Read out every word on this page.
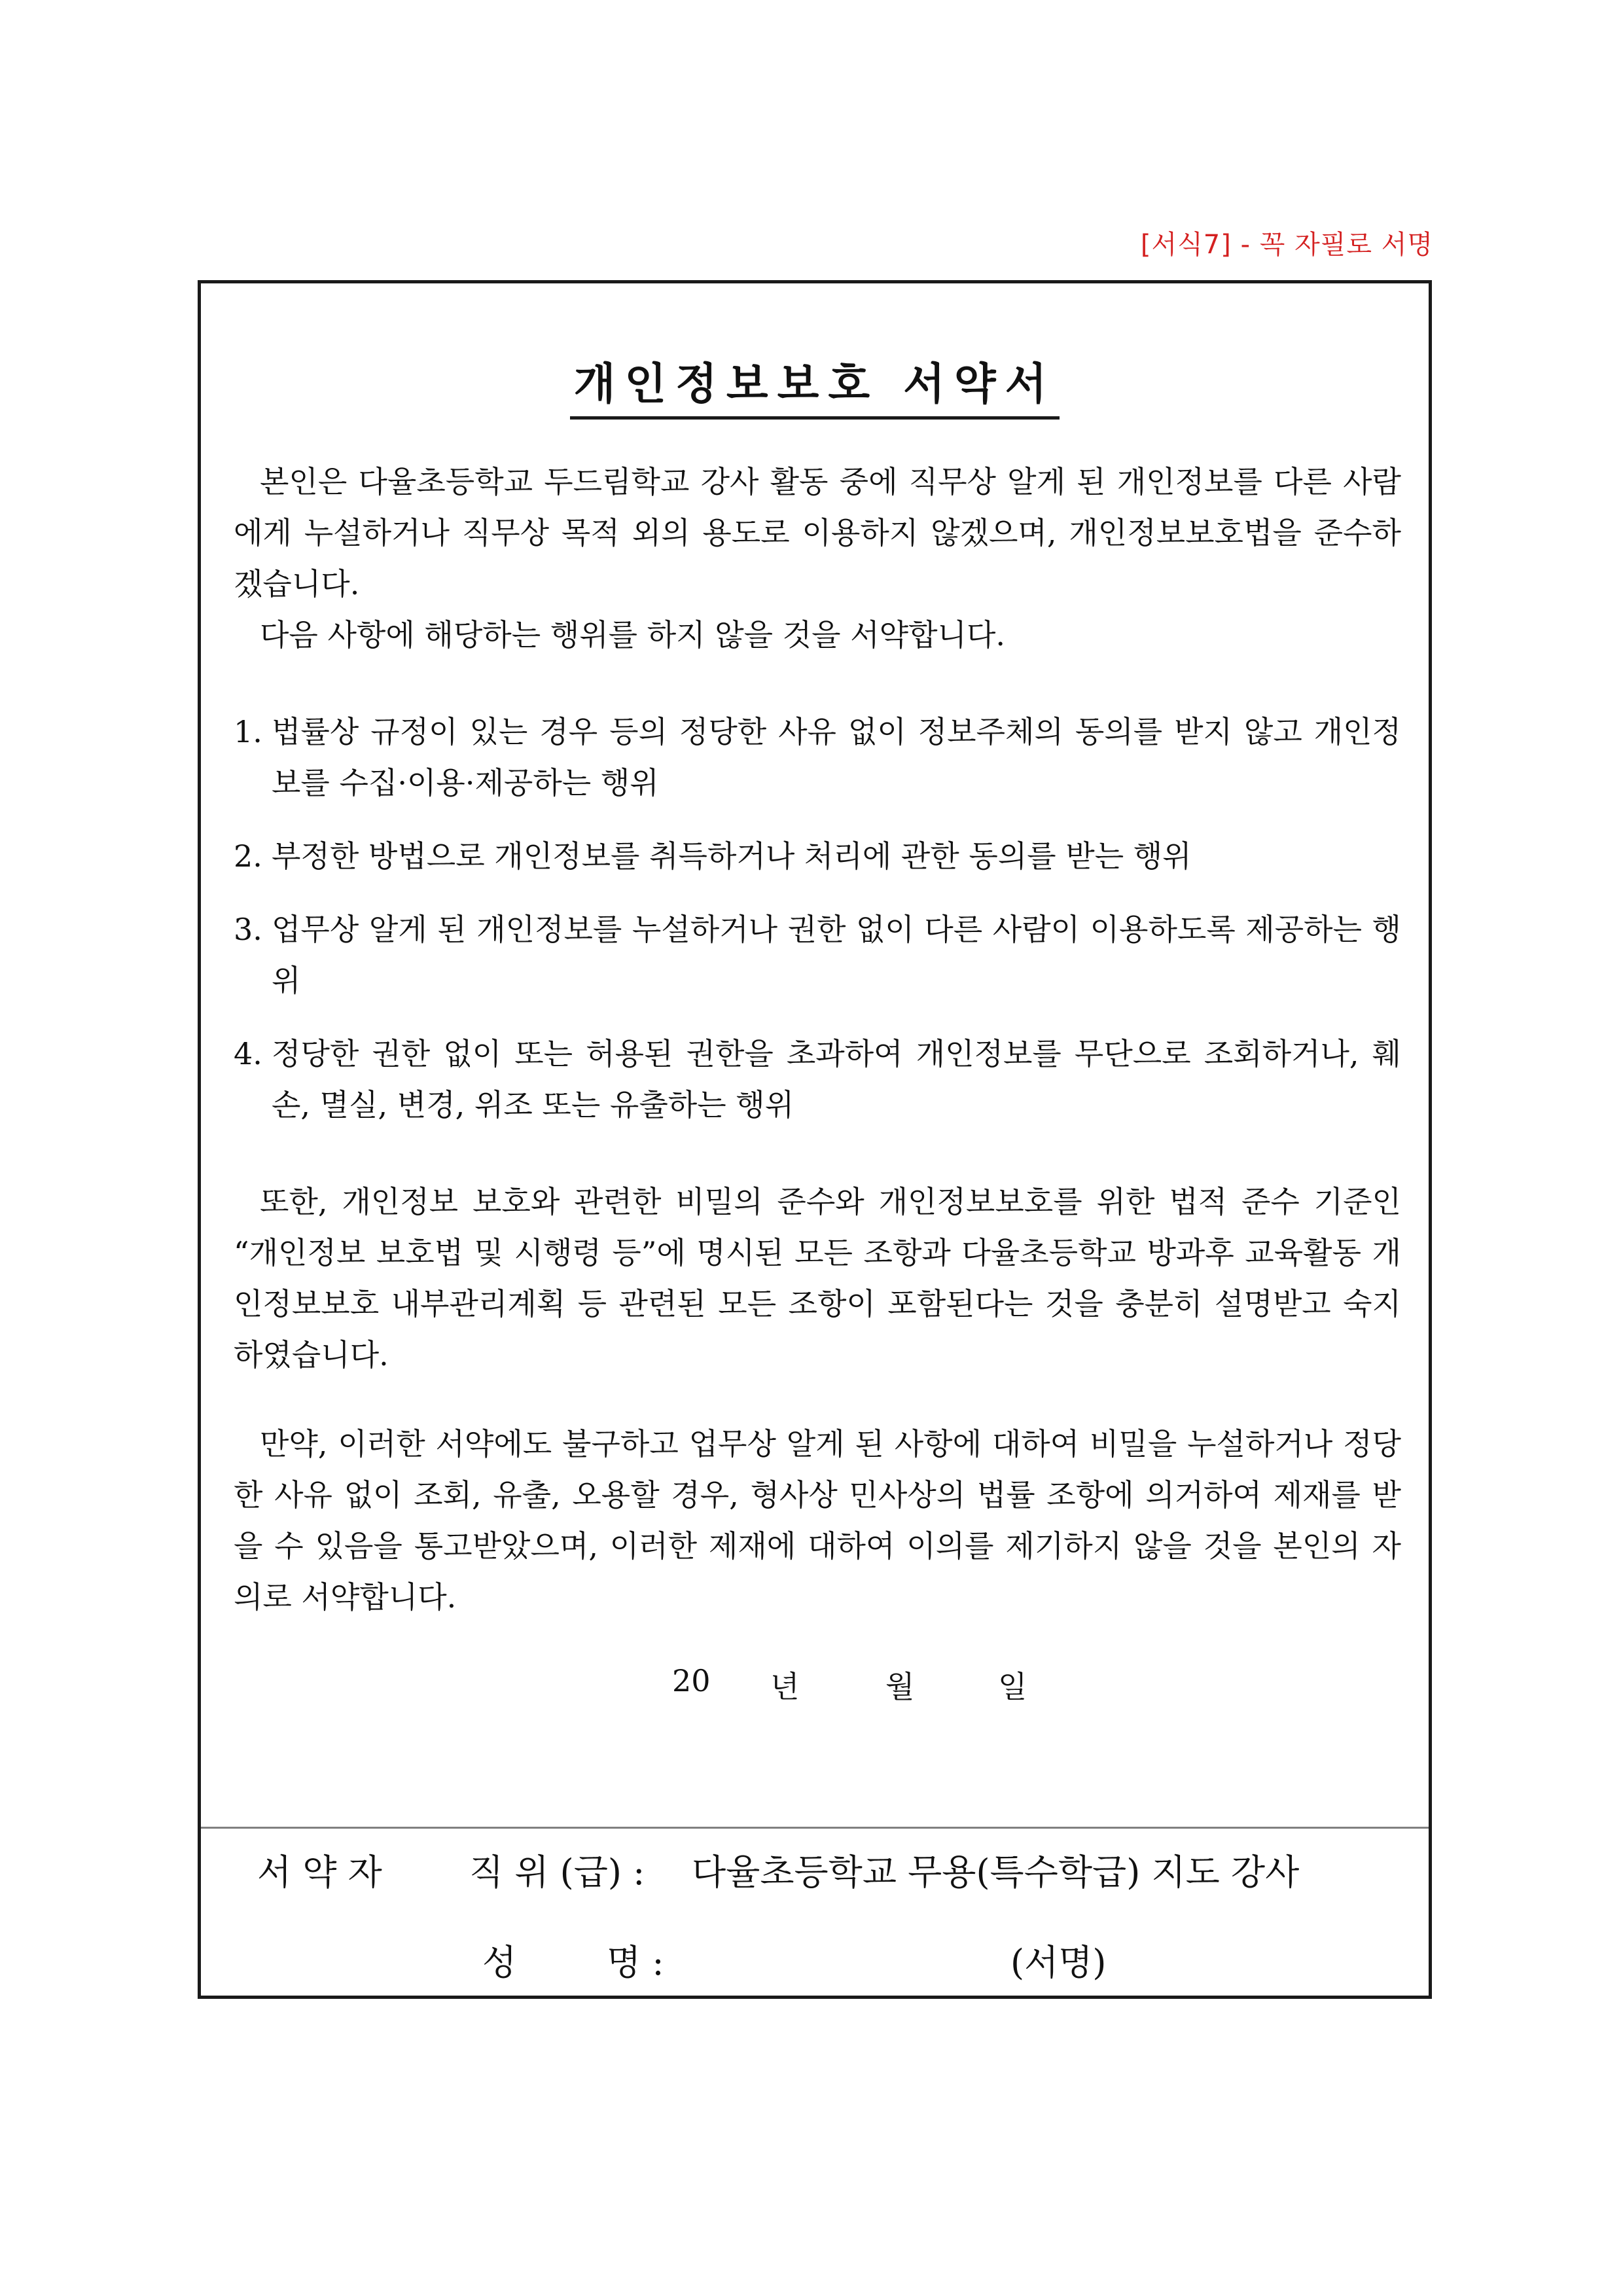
[서식7] - 꼭 자필로 서명
개인정보보호 서약서

본인은 다율초등학교 두드림학교 강사 활동 중에 직무상 알게 된 개인정보를 다른 사람에게 누설하거나 직무상 목적 외의 용도로 이용하지 않겠으며, 개인정보보호법을 준수하겠습니다.

다음 사항에 해당하는 행위를 하지 않을 것을 서약합니다.

1. 법률상 규정이 있는 경우 등의 정당한 사유 없이 정보주체의 동의를 받지 않고 개인정보를 수집·이용·제공하는 행위
2. 부정한 방법으로 개인정보를 취득하거나 처리에 관한 동의를 받는 행위
3. 업무상 알게 된 개인정보를 누설하거나 권한 없이 다른 사람이 이용하도록 제공하는 행위
4. 정당한 권한 없이 또는 허용된 권한을 초과하여 개인정보를 무단으로 조회하거나, 훼손, 멸실, 변경, 위조 또는 유출하는 행위

또한, 개인정보 보호와 관련한 비밀의 준수와 개인정보보호를 위한 법적 준수 기준인 “개인정보 보호법 및 시행령 등”에 명시된 모든 조항과 다율초등학교 방과후 교육활동 개인정보보호 내부관리계획 등 관련된 모든 조항이 포함된다는 것을 충분히 설명받고 숙지하였습니다.

만약, 이러한 서약에도 불구하고 업무상 알게 된 사항에 대하여 비밀을 누설하거나 정당한 사유 없이 조회, 유출, 오용할 경우, 형사상 민사상의 법률 조항에 의거하여 제재를 받을 수 있음을 통고받았으며, 이러한 제재에 대하여 이의를 제기하지 않을 것을 본인의 자의로 서약합니다.

20 년	월	일
서 약 자 직 위 (급) : 다율초등학교 무용(특수학급) 지도 강사
성	명 :	(서명)
